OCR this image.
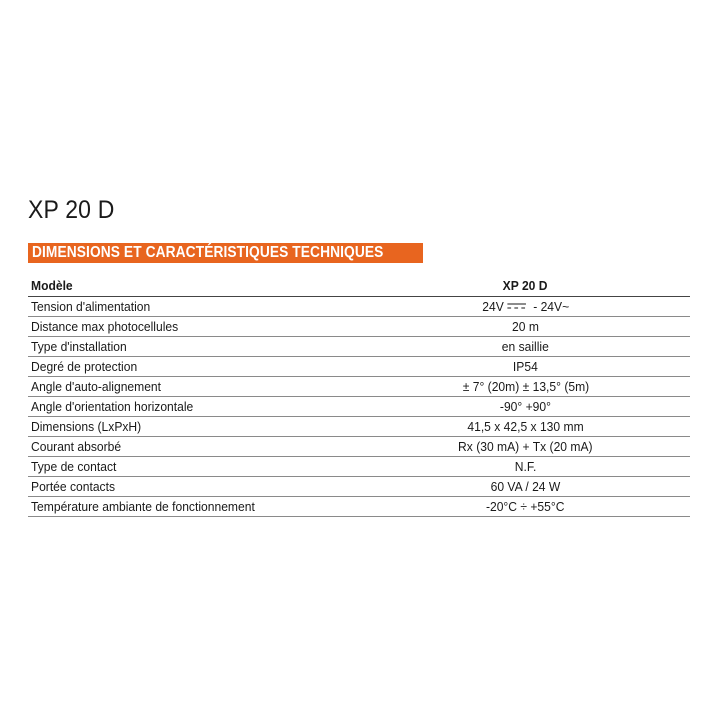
XP 20 D
DIMENSIONS ET CARACTÉRISTIQUES TECHNIQUES
Modèle	XP 20 D
Tension d'alimentation	24V - 24V~
Distance max photocellules	20 m
Type d'installation	en saillie
Degré de protection	IP54
Angle d'auto-alignement	± 7° (20m) ± 13,5° (5m)
Angle d'orientation horizontale	-90° +90°
Dimensions (LxPxH)	41,5 x 42,5 x 130 mm
Courant absorbé	Rx (30 mA) + Tx (20 mA)
Type de contact	N.F.
Portée contacts	60 VA / 24 W
Température ambiante de fonctionnement	-20°C ÷ +55°C
